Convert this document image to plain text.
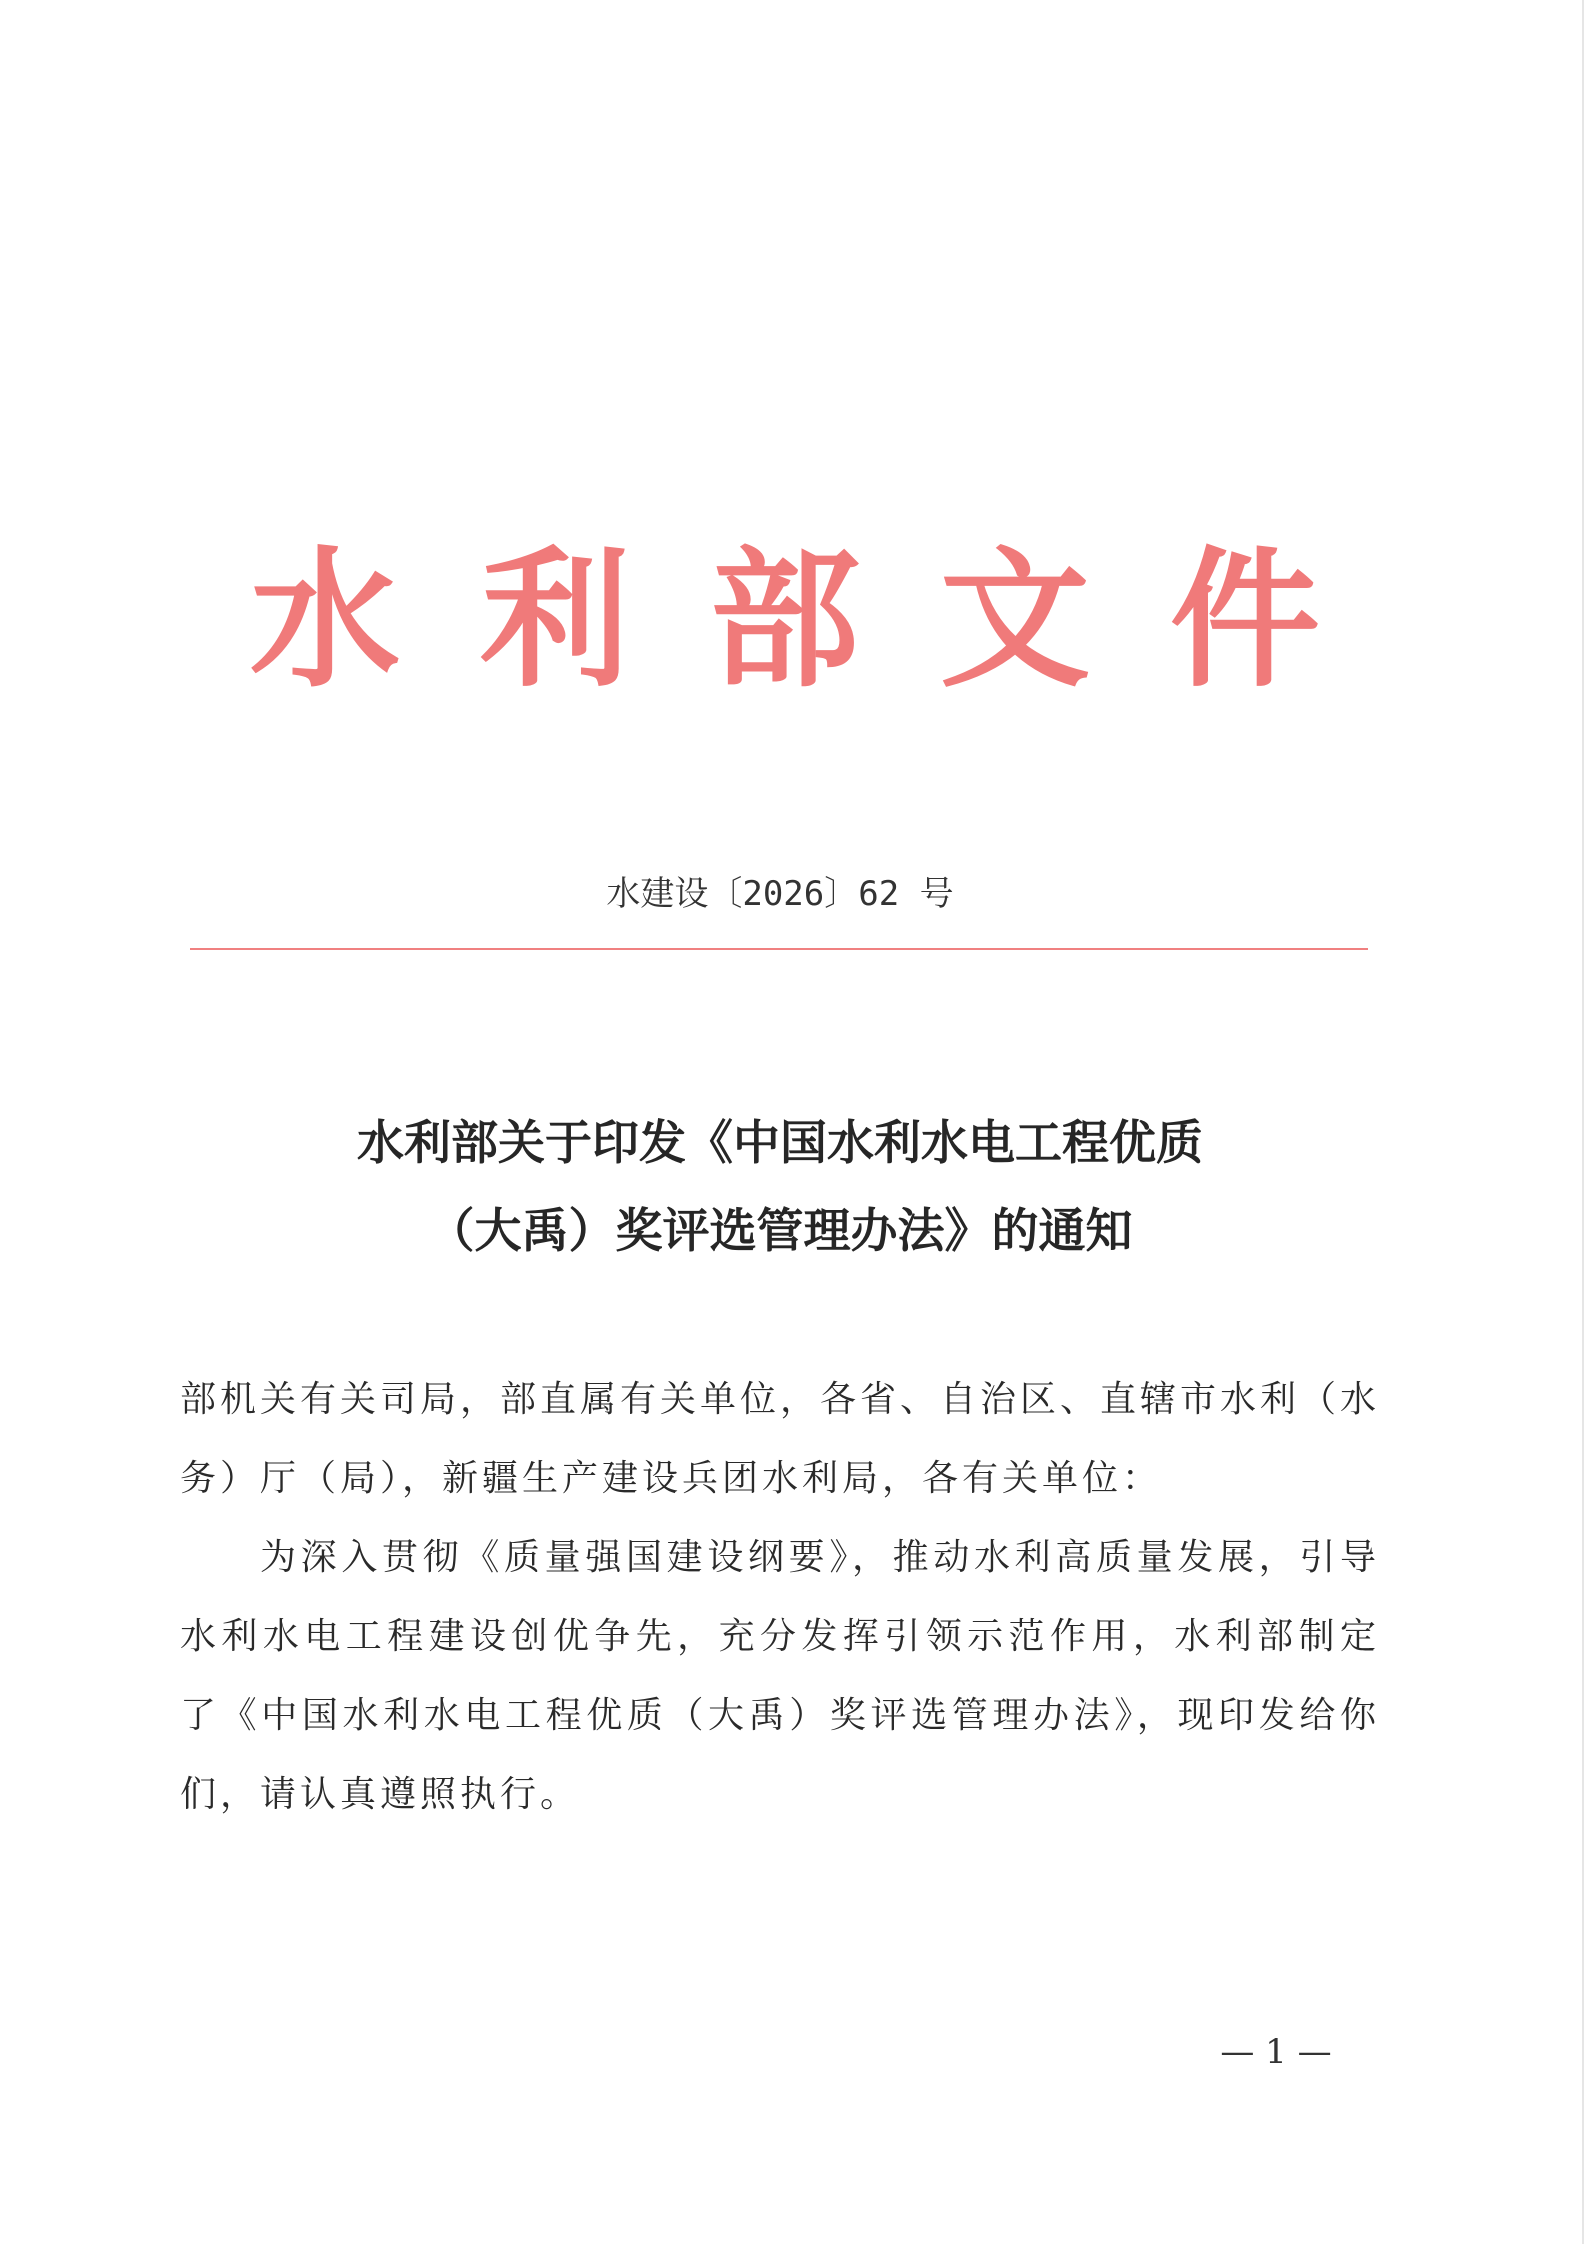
水 利 部 文 件
水建设〔2026〕62 号
水利部关于印发《中国水利水电工程优质
（大禹）奖评选管理办法》的通知
部机关有关司局，部直属有关单位，各省、自治区、直辖市水利（水
务）厅（局），新疆生产建设兵团水利局，各有关单位：
为深入贯彻《质量强国建设纲要》，推动水利高质量发展，引导
水利水电工程建设创优争先，充分发挥引领示范作用，水利部制定
了《中国水利水电工程优质（大禹）奖评选管理办法》，现印发给你
们，请认真遵照执行。
— 1 —
